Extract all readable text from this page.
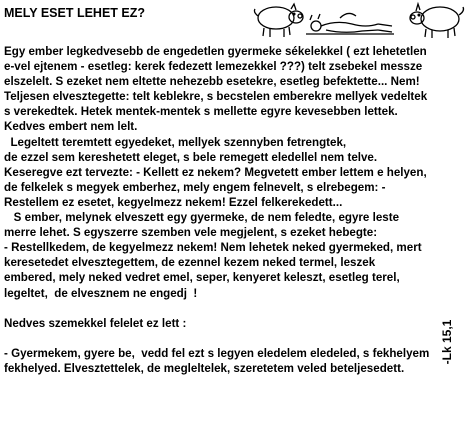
MELY ESET LEHET EZ?
Egy ember legkedvesebb de engedetlen gyermeke sékelekkel ( ezt lehetetlen
e-vel ejtenem - esetleg: kerek fedezett lemezekkel ???) telt zsebekel messze
elszelelt. S ezeket nem eltette nehezebb esetekre, esetleg befektette... Nem!
Teljesen elvesztegette: telt keblekre, s becstelen emberekre mellyek vedeltek
s verekedtek. Hetek mentek-mentek s mellette egyre kevesebben lettek.
Kedves embert nem lelt.
Legeltett teremtett egyedeket, mellyek szennyben fetrengtek,
de ezzel sem kereshetett eleget, s bele remegett eledellel nem telve.
Keseregve ezt tervezte: - Kellett ez nekem? Megvetett ember lettem e helyen,
de felkelek s megyek emberhez, mely engem felnevelt, s elrebegem: -
Restellem ez esetet, kegyelmezz nekem! Ezzel felkerekedett...
S ember, melynek elveszett egy gyermeke, de nem feledte, egyre leste
merre lehet. S egyszerre szemben vele megjelent, s ezeket hebegte:
- Restellkedem, de kegyelmezz nekem! Nem lehetek neked gyermeked, mert
keresetedet elvesztegettem, de ezennel kezem neked termel, leszek
embered, mely neked vedret emel, seper, kenyeret keleszt, esetleg terel,
legeltet,  de elvesznem ne engedj  !
Nedves szemekkel felelet ez lett :
- Gyermekem, gyere be,  vedd fel ezt s legyen eledelem eledeled, s fekhelyem
fekhelyed. Elvesztettelek, de megleltelek, szeretetem veled beteljesedett.
-Lk 15,1
